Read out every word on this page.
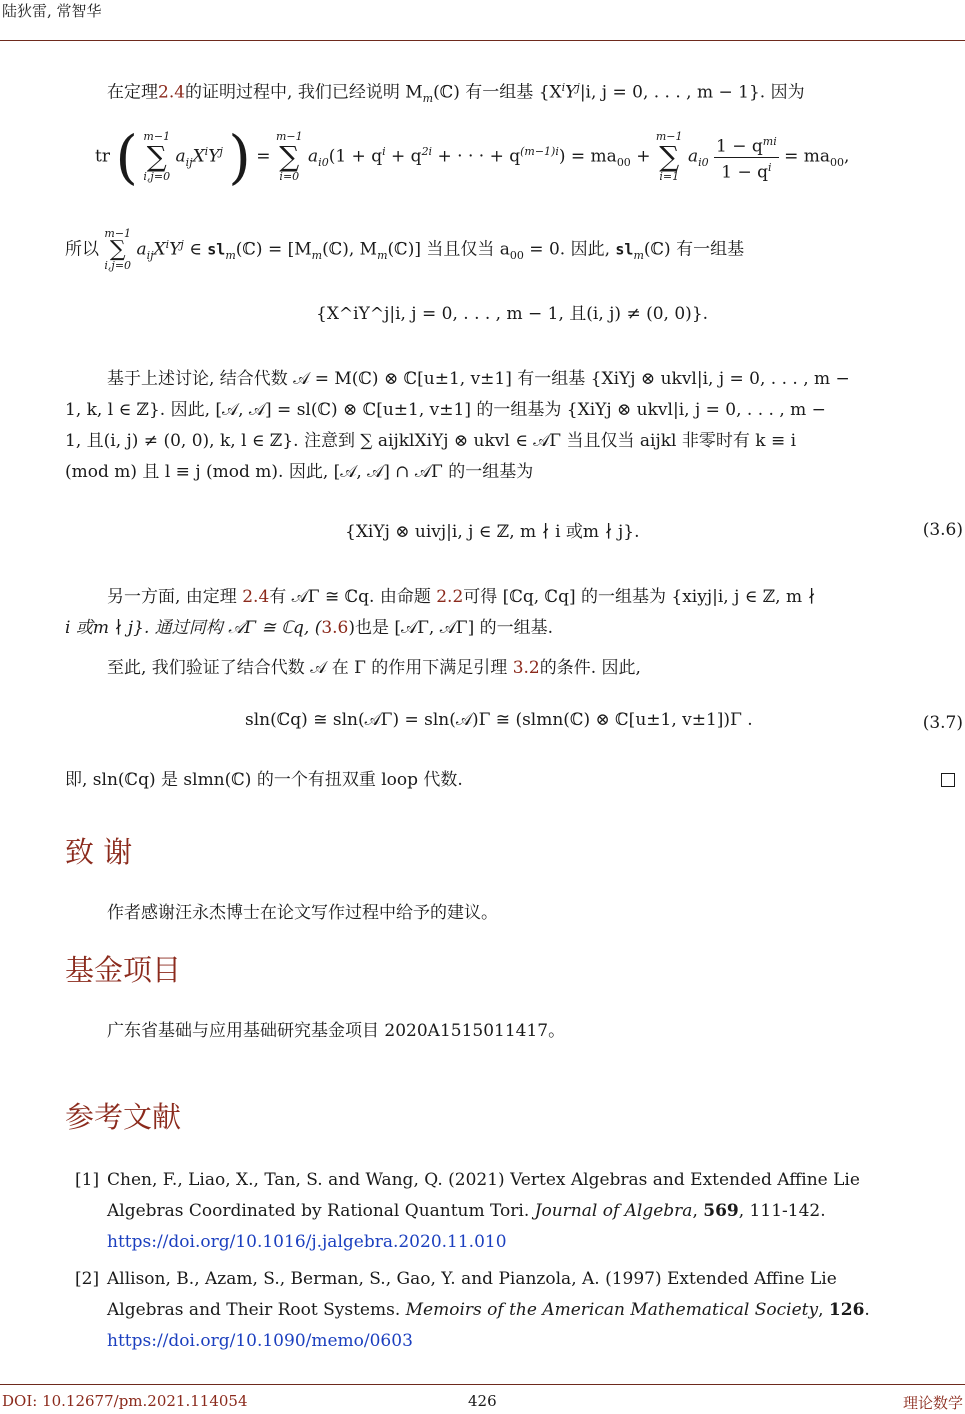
陆狄雷, 常智华
在定理2.4的证明过程中, 我们已经说明 $M_m(ℂ)$ 有一组基 {$X^iY^j|i$, j = 0, . . . , m − 1}. 因为
tr ( m−1
∑
i,j=0
$a_{ij}X^iY^j$ ) =
m−1
∑
i=0
$a_{i0}(1 + q^i + q^{2i}$ + · · · + $q^{(m-1)i}) = ma_{00}$ +
m−1
∑
i=1
$a_{i0} \frac{1 - q^{mi}}{1 - q^i} = ma_{00}$,
所以
m−1
∑
i,j=0
$a_{ij}X^iY^j$ ∈ $sl_m(ℂ)$ = [$M_m(ℂ)$, $M_m(ℂ)$] 当且仅当 $a_{00} = 0$. 因此, $sl_m(ℂ)$ 有一组基
{X^iY^j|i, j = 0, . . . , m − 1, 且(i, j) ≠ (0, 0)}.
基于上述讨论, 结合代数 𝒜 = M(ℂ) ⊗ ℂ[u±1, v±1] 有一组基 {XiYj ⊗ ukvl|i, j = 0, . . . , m −
1, k, l ∈ ℤ}. 因此, [𝒜, 𝒜] = sl(ℂ) ⊗ ℂ[u±1, v±1] 的一组基为 {XiYj ⊗ ukvl|i, j = 0, . . . , m −
1, 且(i, j) ≠ (0, 0), k, l ∈ ℤ}. 注意到 ∑ aijklXiYj ⊗ ukvl ∈ 𝒜Γ 当且仅当 aijkl 非零时有 k ≡ i
(mod m) 且 l ≡ j (mod m). 因此, [𝒜, 𝒜] ∩ 𝒜Γ 的一组基为
{XiYj ⊗ uivj|i, j ∈ ℤ, m ∤ i 或m ∤ j}.	(3.6)
另一方面, 由定理 2.4有 𝒜Γ ≅ ℂq. 由命题 2.2可得 [ℂq, ℂq] 的一组基为 {xiyj|i, j ∈ ℤ, m ∤
i 或m ∤ j}. 通过同构 𝒜Γ ≅ ℂq, (3.6)也是 [𝒜Γ, 𝒜Γ] 的一组基.
至此, 我们验证了结合代数 𝒜 在 Γ 的作用下满足引理 3.2的条件. 因此,
sln(ℂq) ≅ sln(𝒜Γ) = sln(𝒜)Γ ≅ (slmn(ℂ) ⊗ ℂ[u±1, v±1])Γ .	(3.7)
即, sln(ℂq) 是 slmn(ℂ) 的一个有扭双重 loop 代数.
致 谢
作者感谢汪永杰博士在论文写作过程中给予的建议。
基金项目
广东省基础与应用基础研究基金项目 2020A1515011417。
参考文献
[1] Chen, F., Liao, X., Tan, S. and Wang, Q. (2021) Vertex Algebras and Extended Affine Lie
Algebras Coordinated by Rational Quantum Tori. Journal of Algebra, 569, 111-142.
https://doi.org/10.1016/j.jalgebra.2020.11.010
[2] Allison, B., Azam, S., Berman, S., Gao, Y. and Pianzola, A. (1997) Extended Affine Lie
Algebras and Their Root Systems. Memoirs of the American Mathematical Society, 126.
https://doi.org/10.1090/memo/0603
DOI: 10.12677/pm.2021.114054	426	理论数学
